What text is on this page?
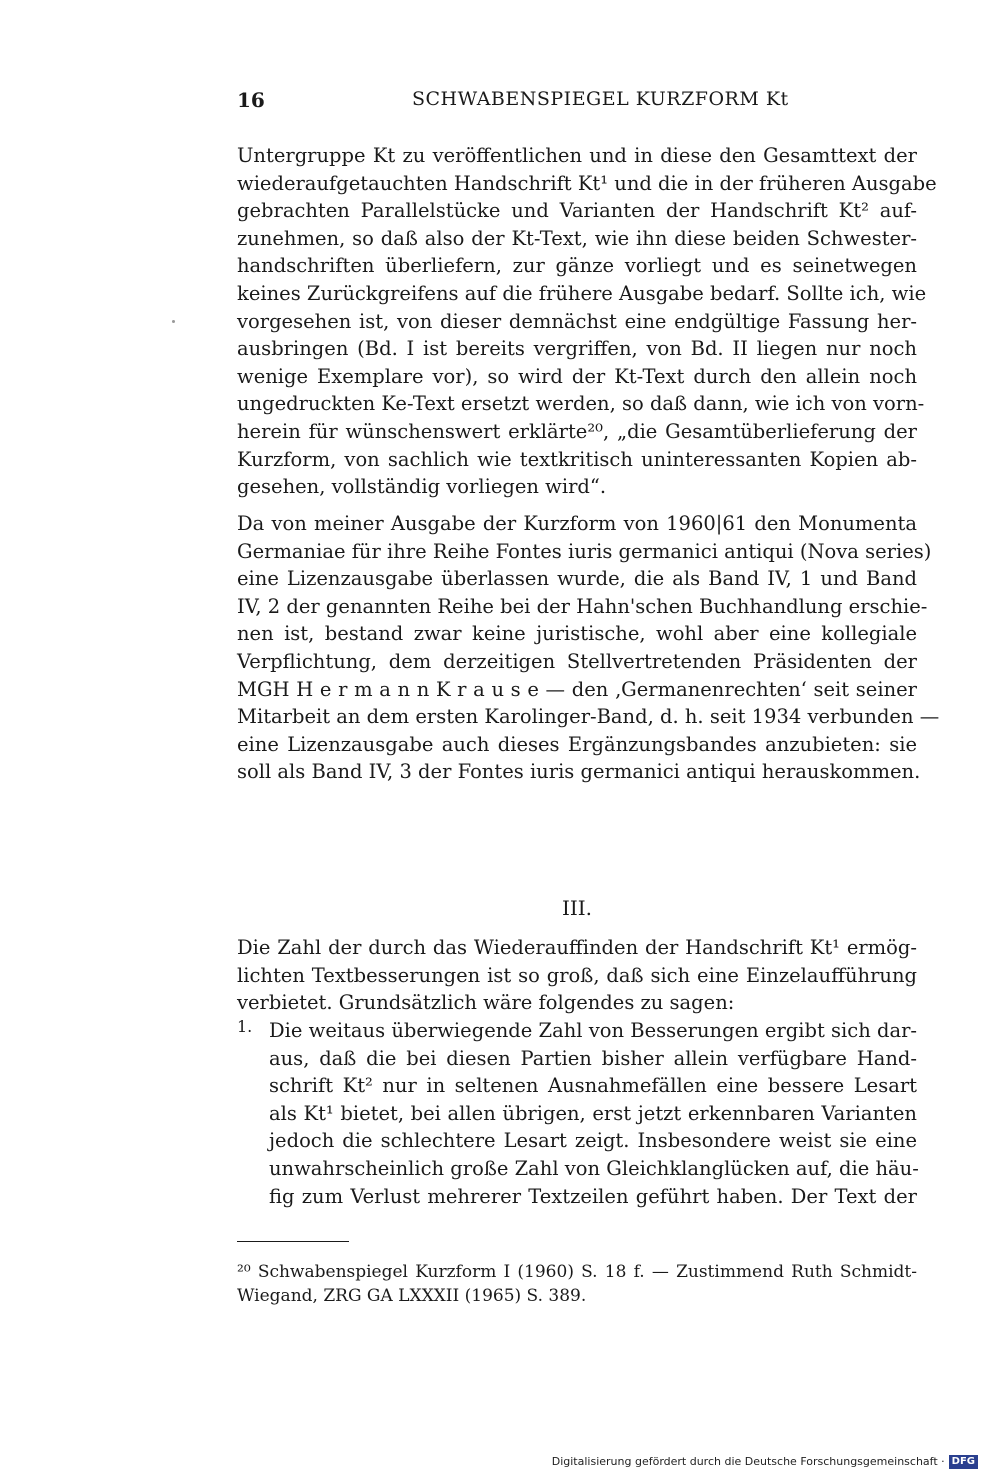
16	SCHWABENSPIEGEL KURZFORM Kt
Untergruppe Kt zu veröffentlichen und in diese den Gesamttext der
wiederaufgetauchten Handschrift Kt¹ und die in der früheren Ausgabe
gebrachten Parallelstücke und Varianten der Handschrift Kt² auf-
zunehmen, so daß also der Kt-Text, wie ihn diese beiden Schwester-
handschriften überliefern, zur gänze vorliegt und es seinetwegen
keines Zurückgreifens auf die frühere Ausgabe bedarf. Sollte ich, wie
vorgesehen ist, von dieser demnächst eine endgültige Fassung her-
ausbringen (Bd. I ist bereits vergriffen, von Bd. II liegen nur noch
wenige Exemplare vor), so wird der Kt-Text durch den allein noch
ungedruckten Ke-Text ersetzt werden, so daß dann, wie ich von vorn-
herein für wünschenswert erklärte²⁰, „die Gesamtüberlieferung der
Kurzform, von sachlich wie textkritisch uninteressanten Kopien ab-
gesehen, vollständig vorliegen wird“.
Da von meiner Ausgabe der Kurzform von 1960|61 den Monumenta
Germaniae für ihre Reihe Fontes iuris germanici antiqui (Nova series)
eine Lizenzausgabe überlassen wurde, die als Band IV, 1 und Band
IV, 2 der genannten Reihe bei der Hahn'schen Buchhandlung erschie-
nen ist, bestand zwar keine juristische, wohl aber eine kollegiale
Verpflichtung, dem derzeitigen Stellvertretenden Präsidenten der
MGH H e r m a n n K r a u s e — den ‚Germanenrechten‘ seit seiner
Mitarbeit an dem ersten Karolinger-Band, d. h. seit 1934 verbunden —
eine Lizenzausgabe auch dieses Ergänzungsbandes anzubieten: sie
soll als Band IV, 3 der Fontes iuris germanici antiqui herauskommen.
III.
Die Zahl der durch das Wiederauffinden der Handschrift Kt¹ ermög-
lichten Textbesserungen ist so groß, daß sich eine Einzelaufführung
verbietet. Grundsätzlich wäre folgendes zu sagen:
1. Die weitaus überwiegende Zahl von Besserungen ergibt sich dar-
aus, daß die bei diesen Partien bisher allein verfügbare Hand-
schrift Kt² nur in seltenen Ausnahmefällen eine bessere Lesart
als Kt¹ bietet, bei allen übrigen, erst jetzt erkennbaren Varianten
jedoch die schlechtere Lesart zeigt. Insbesondere weist sie eine
unwahrscheinlich große Zahl von Gleichklanglücken auf, die häu-
fig zum Verlust mehrerer Textzeilen geführt haben. Der Text der
²⁰ Schwabenspiegel Kurzform I (1960) S. 18 f. — Zustimmend Ruth Schmidt-
Wiegand, ZRG GA LXXXII (1965) S. 389.
Digitalisierung gefördert durch die Deutsche Forschungsgemeinschaft · DFG
